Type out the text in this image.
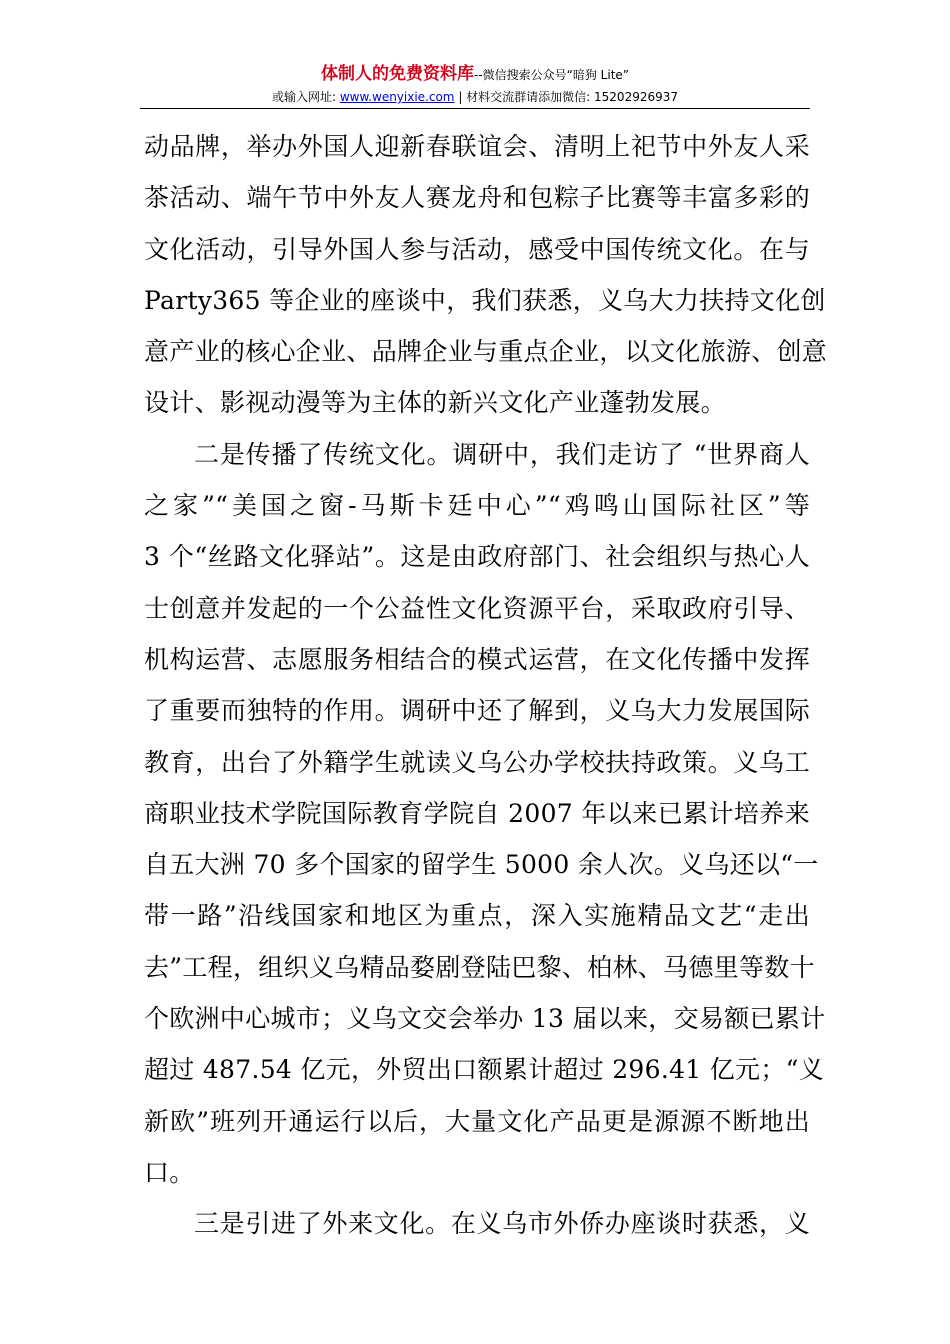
体制人的免费资料库--微信搜索公众号“暗狗 Lite”
或输入网址: www.wenyixie.com | 材料交流群请添加微信: 15202926937
动品牌，举办外国人迎新春联谊会、清明上祀节中外友人采
茶活动、端午节中外友人赛龙舟和包粽子比赛等丰富多彩的
文化活动，引导外国人参与活动，感受中国传统文化。在与
Party365 等企业的座谈中，我们获悉，义乌大力扶持文化创
意产业的核心企业、品牌企业与重点企业，以文化旅游、创意
设计、影视动漫等为主体的新兴文化产业蓬勃发展。
二是传播了传统文化。调研中，我们走访了 “世界商人
之家”“美国之窗-马斯卡廷中心”“鸡鸣山国际社区”等
3 个“丝路文化驿站”。这是由政府部门、社会组织与热心人
士创意并发起的一个公益性文化资源平台，采取政府引导、
机构运营、志愿服务相结合的模式运营，在文化传播中发挥
了重要而独特的作用。调研中还了解到，义乌大力发展国际
教育，出台了外籍学生就读义乌公办学校扶持政策。义乌工
商职业技术学院国际教育学院自 2007 年以来已累计培养来
自五大洲 70 多个国家的留学生 5000 余人次。义乌还以“一
带一路”沿线国家和地区为重点，深入实施精品文艺“走出
去”工程，组织义乌精品婺剧登陆巴黎、柏林、马德里等数十
个欧洲中心城市；义乌文交会举办 13 届以来，交易额已累计
超过 487.54 亿元，外贸出口额累计超过 296.41 亿元；“义
新欧”班列开通运行以后，大量文化产品更是源源不断地出
口。
三是引进了外来文化。在义乌市外侨办座谈时获悉，义
